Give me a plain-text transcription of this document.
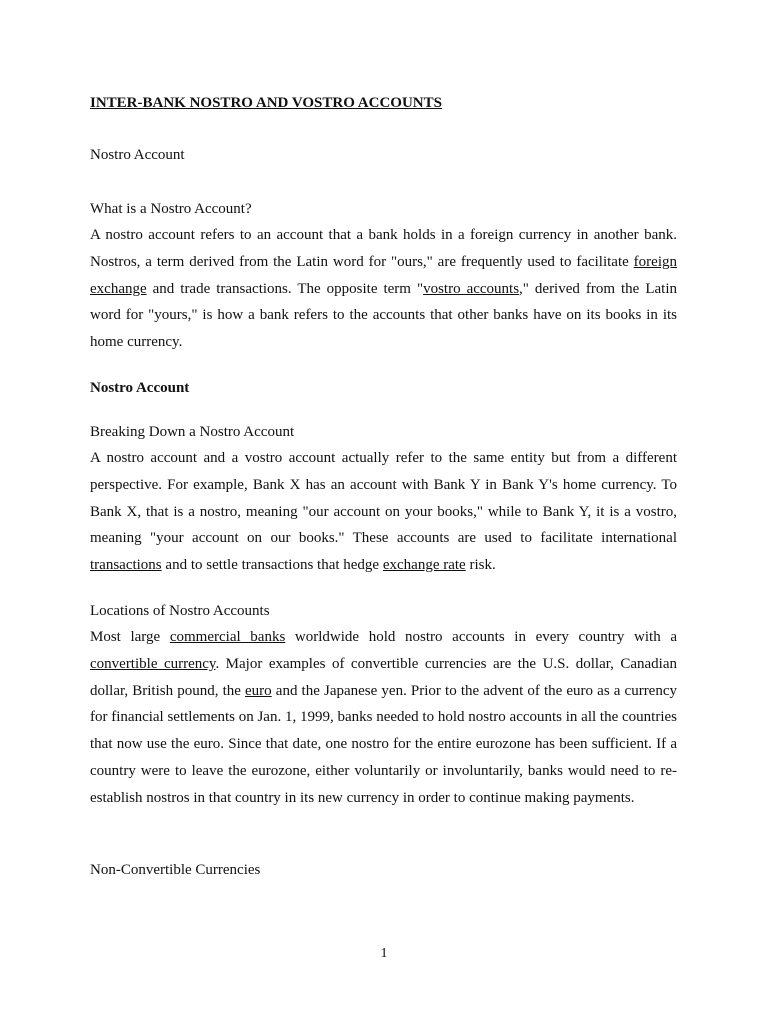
INTER-BANK NOSTRO AND VOSTRO ACCOUNTS
Nostro Account
What is a Nostro Account?
A nostro account refers to an account that a bank holds in a foreign currency in another bank. Nostros, a term derived from the Latin word for "ours," are frequently used to facilitate foreign exchange and trade transactions. The opposite term "vostro accounts," derived from the Latin word for "yours," is how a bank refers to the accounts that other banks have on its books in its home currency.
Nostro Account
Breaking Down a Nostro Account
A nostro account and a vostro account actually refer to the same entity but from a different perspective. For example, Bank X has an account with Bank Y in Bank Y's home currency. To Bank X, that is a nostro, meaning "our account on your books," while to Bank Y, it is a vostro, meaning "your account on our books." These accounts are used to facilitate international transactions and to settle transactions that hedge exchange rate risk.
Locations of Nostro Accounts
Most large commercial banks worldwide hold nostro accounts in every country with a convertible currency. Major examples of convertible currencies are the U.S. dollar, Canadian dollar, British pound, the euro and the Japanese yen. Prior to the advent of the euro as a currency for financial settlements on Jan. 1, 1999, banks needed to hold nostro accounts in all the countries that now use the euro. Since that date, one nostro for the entire eurozone has been sufficient. If a country were to leave the eurozone, either voluntarily or involuntarily, banks would need to re-establish nostros in that country in its new currency in order to continue making payments.
Non-Convertible Currencies
1
